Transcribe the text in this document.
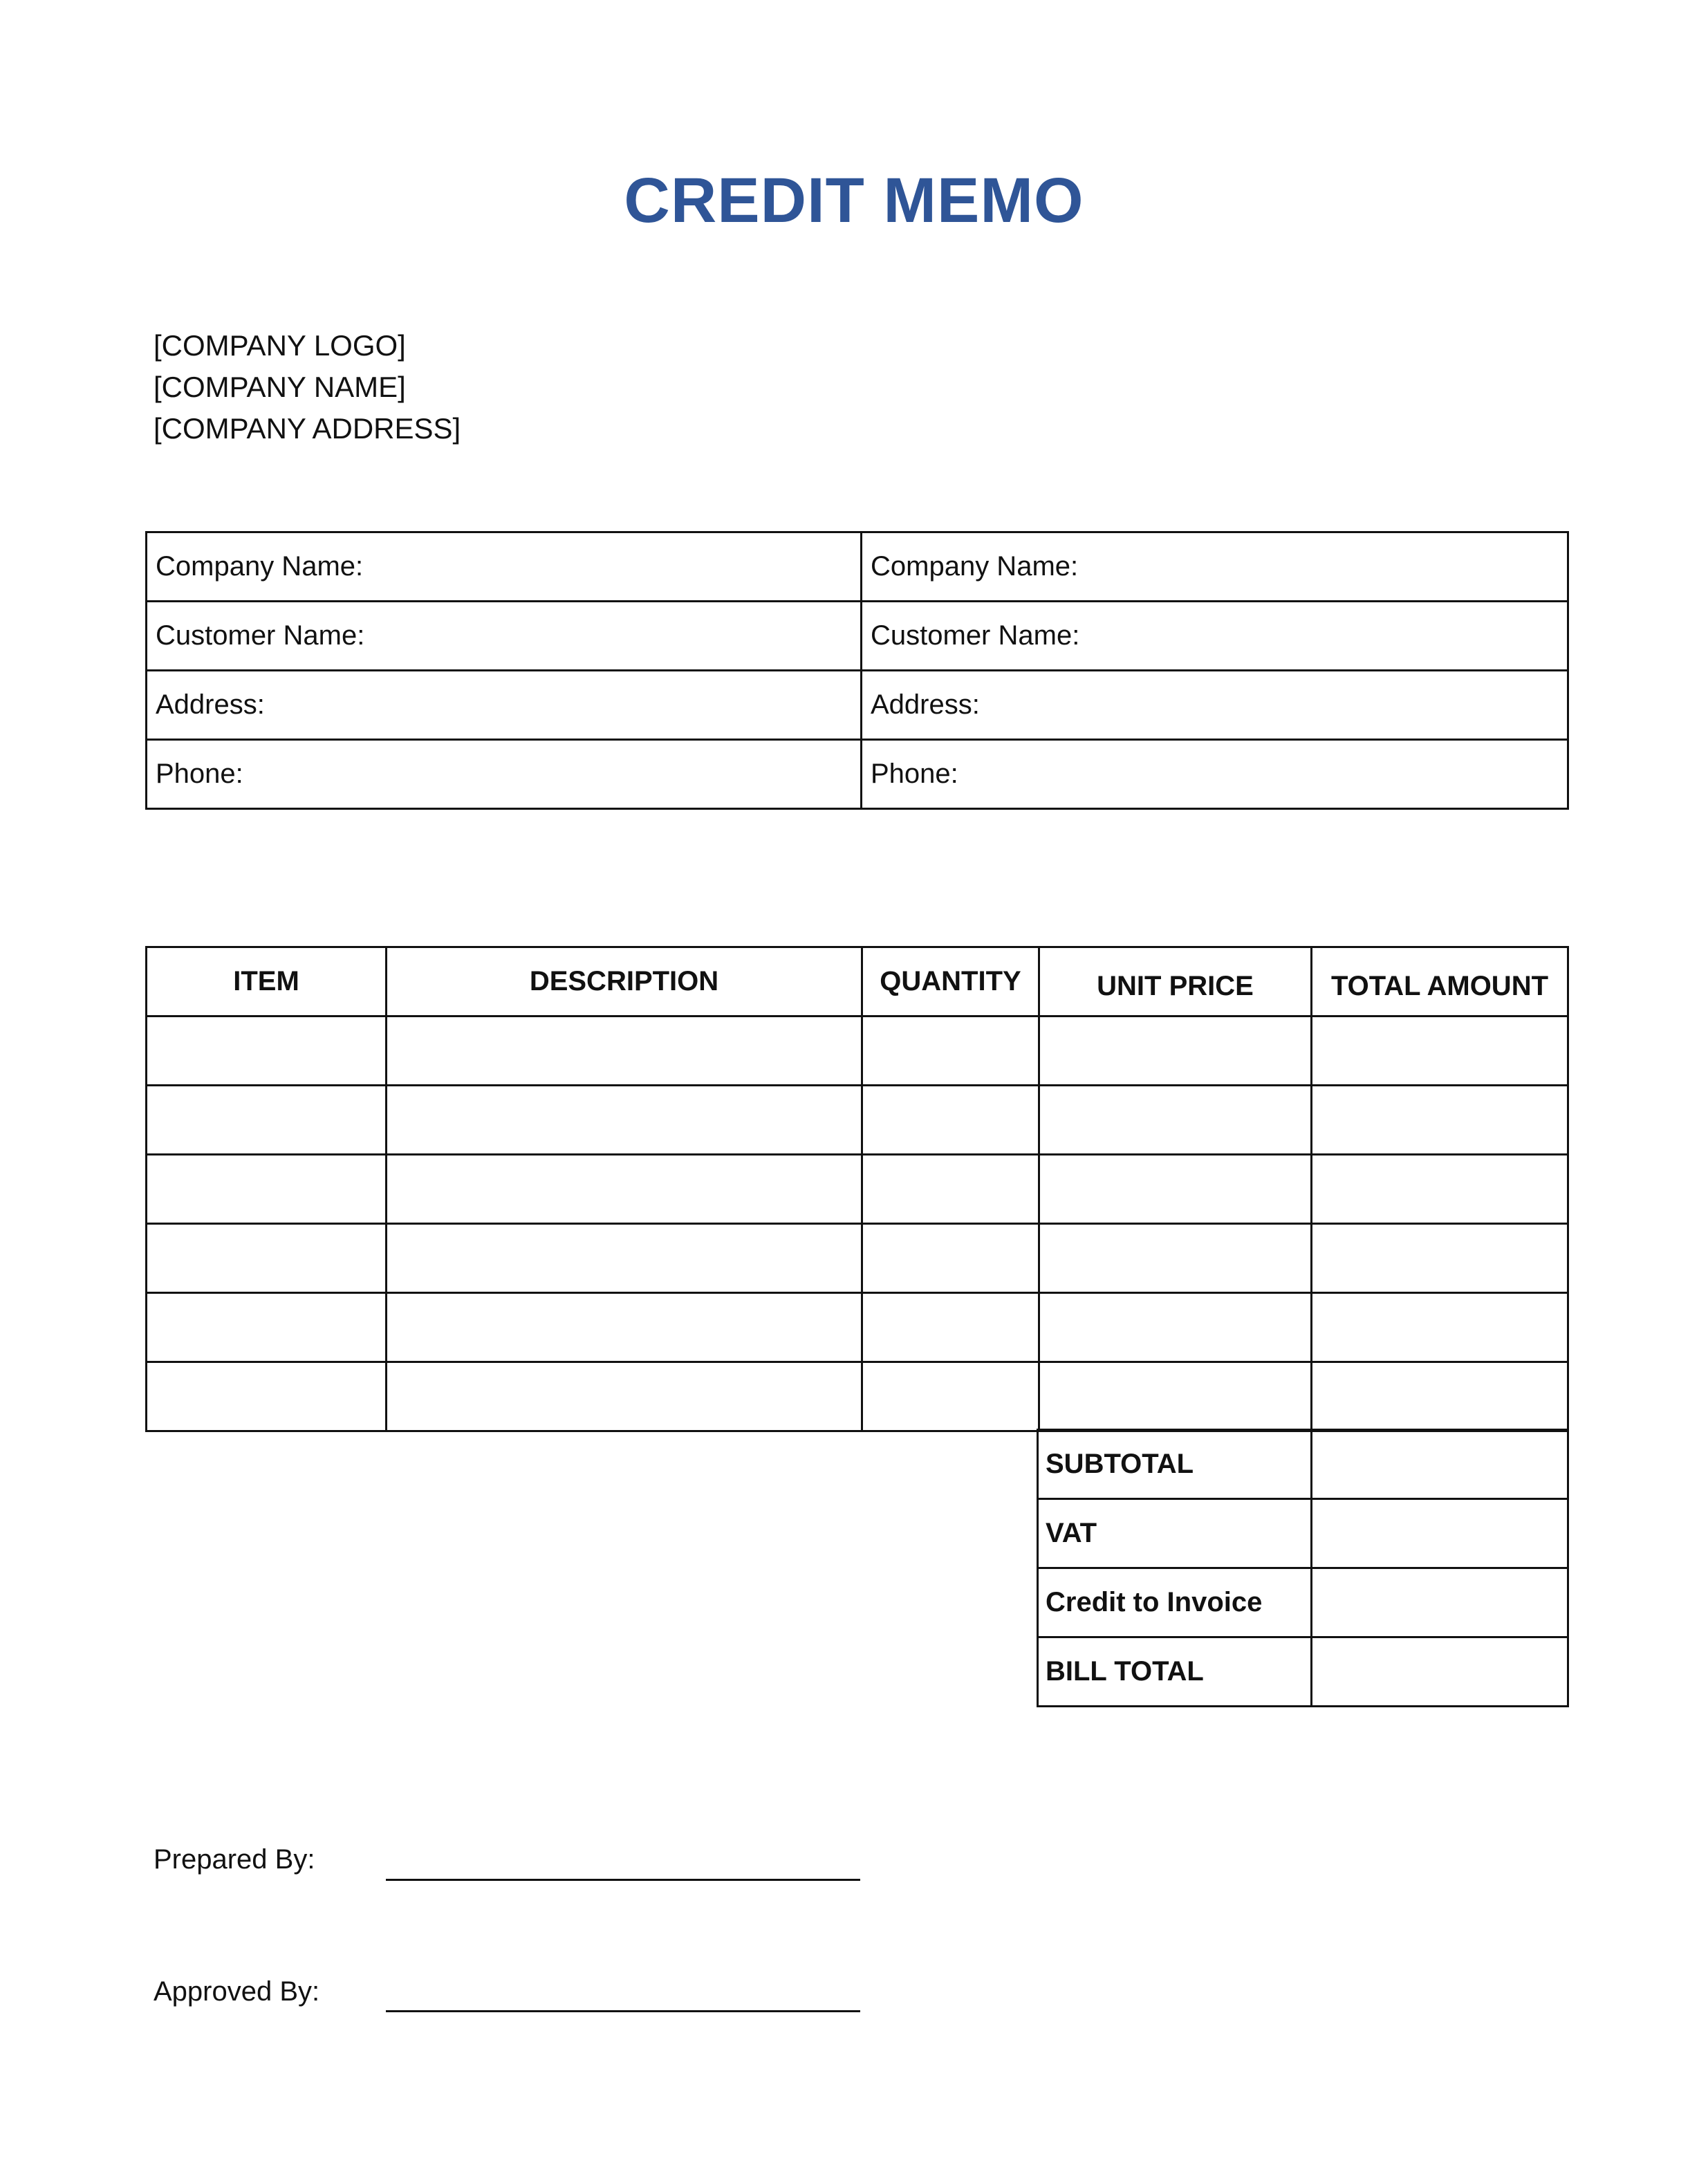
CREDIT MEMO
[COMPANY LOGO]
[COMPANY NAME]
[COMPANY ADDRESS]
Company Name:	Company Name:
Customer Name:	Customer Name:
Address:	Address:
Phone:	Phone:
ITEM	DESCRIPTION	QUANTITY	UNIT PRICE	TOTAL AMOUNT

SUBTOTAL	
VAT	
Credit to Invoice	
BILL TOTAL	
Prepared By:
Approved By:
